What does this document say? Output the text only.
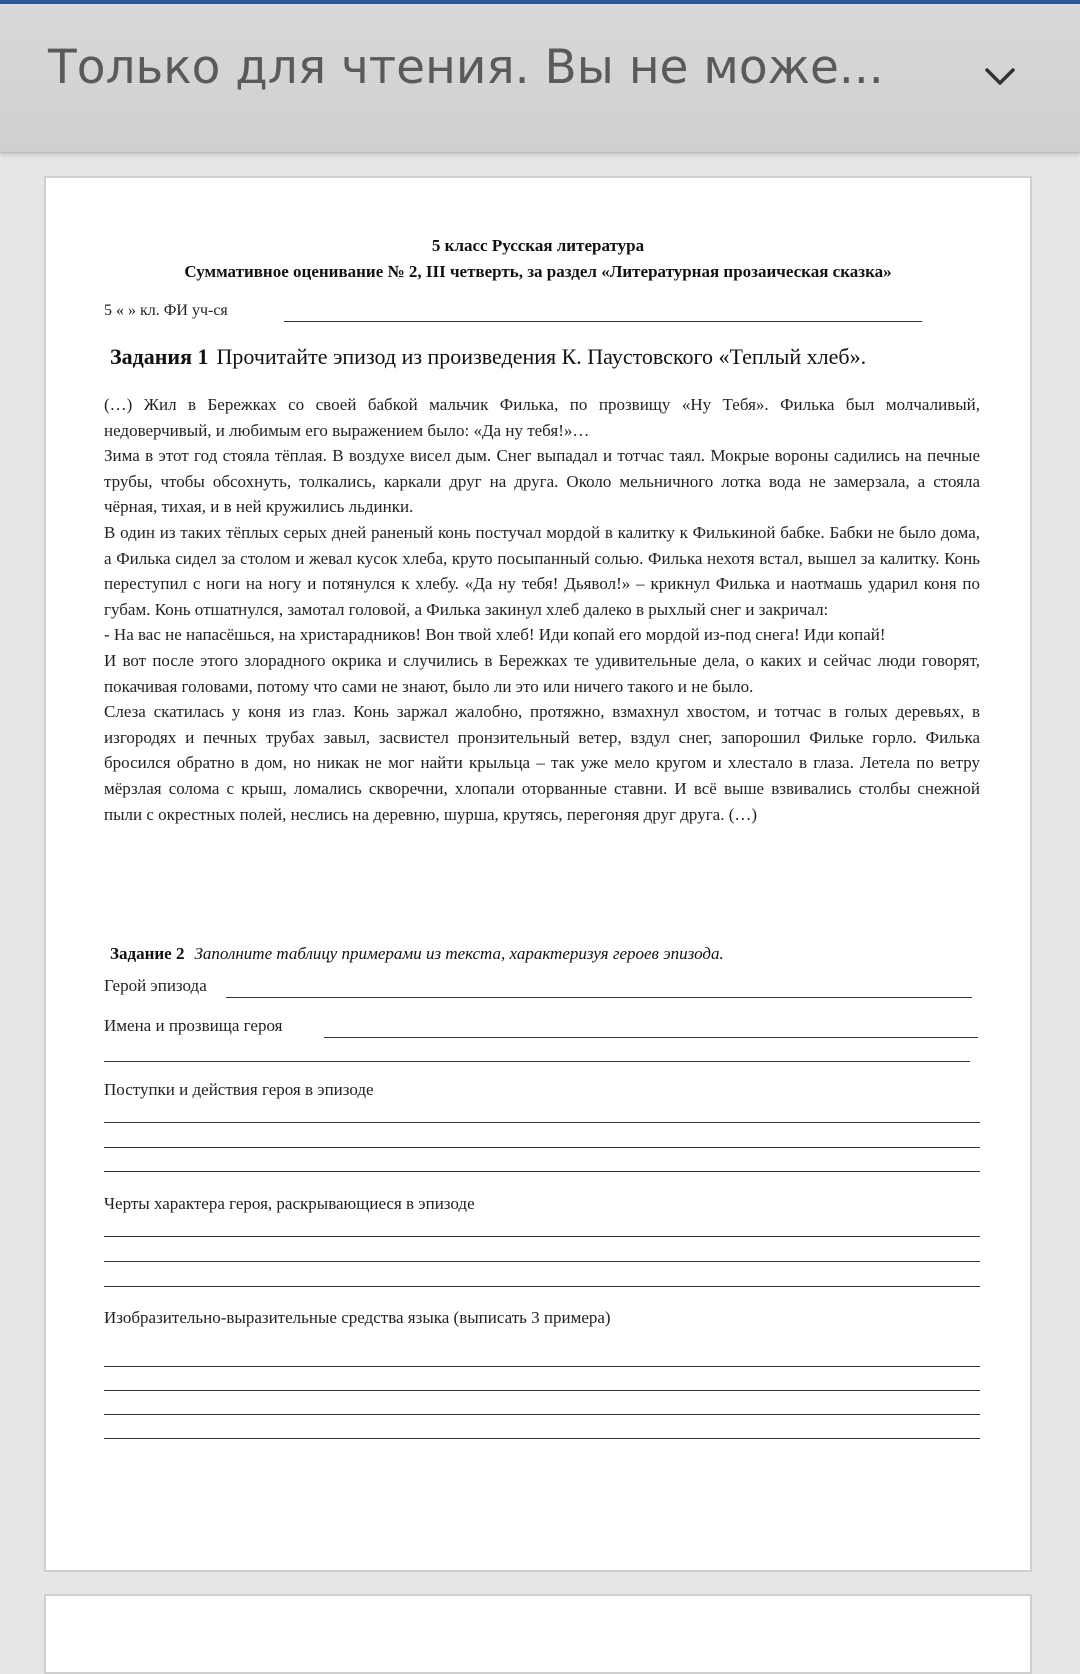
Только для чтения. Вы не може...
5 класс Русская литература
Суммативное оценивание № 2, III четверть, за раздел «Литературная прозаическая сказка»
5 « » кл. ФИ уч-ся
Задания 1 Прочитайте эпизод из произведения К. Паустовского «Теплый хлеб».

(…) Жил в Бережках со своей бабкой мальчик Филька, по прозвищу «Ну Тебя». Филька был молчаливый, недоверчивый, и любимым его выражением было: «Да ну тебя!»…

Зима в этот год стояла тёплая. В воздухе висел дым. Снег выпадал и тотчас таял. Мокрые вороны садились на печные трубы, чтобы обсохнуть, толкались, каркали друг на друга. Около мельничного лотка вода не замерзала, а стояла чёрная, тихая, и в ней кружились льдинки.

В один из таких тёплых серых дней раненый конь постучал мордой в калитку к Филькиной бабке. Бабки не было дома, а Филька сидел за столом и жевал кусок хлеба, круто посыпанный солью. Филька нехотя встал, вышел за калитку. Конь переступил с ноги на ногу и потянулся к хлебу. «Да ну тебя! Дьявол!» – крикнул Филька и наотмашь ударил коня по губам. Конь отшатнулся, замотал головой, а Филька закинул хлеб далеко в рыхлый снег и закричал:

- На вас не напасёшься, на христарадников! Вон твой хлеб! Иди копай его мордой из-под снега! Иди копай!

И вот после этого злорадного окрика и случились в Бережках те удивительные дела, о каких и сейчас люди говорят, покачивая головами, потому что сами не знают, было ли это или ничего такого и не было.

Слеза скатилась у коня из глаз. Конь заржал жалобно, протяжно, взмахнул хвостом, и тотчас в голых деревьях, в изгородях и печных трубах завыл, засвистел пронзительный ветер, вздул снег, запорошил Фильке горло. Филька бросился обратно в дом, но никак не мог найти крыльца – так уже мело кругом и хлестало в глаза. Летела по ветру мёрзлая солома с крыш, ломались скворечни, хлопали оторванные ставни. И всё выше взвивались столбы снежной пыли с окрестных полей, неслись на деревню, шурша, крутясь, перегоняя друг друга. (…)

Задание 2 Заполните таблицу примерами из текста, характеризуя героев эпизода.
Герой эпизода
Имена и прозвища героя
Поступки и действия героя в эпизоде
Черты характера героя, раскрывающиеся в эпизоде
Изобразительно-выразительные средства языка (выписать 3 примера)
